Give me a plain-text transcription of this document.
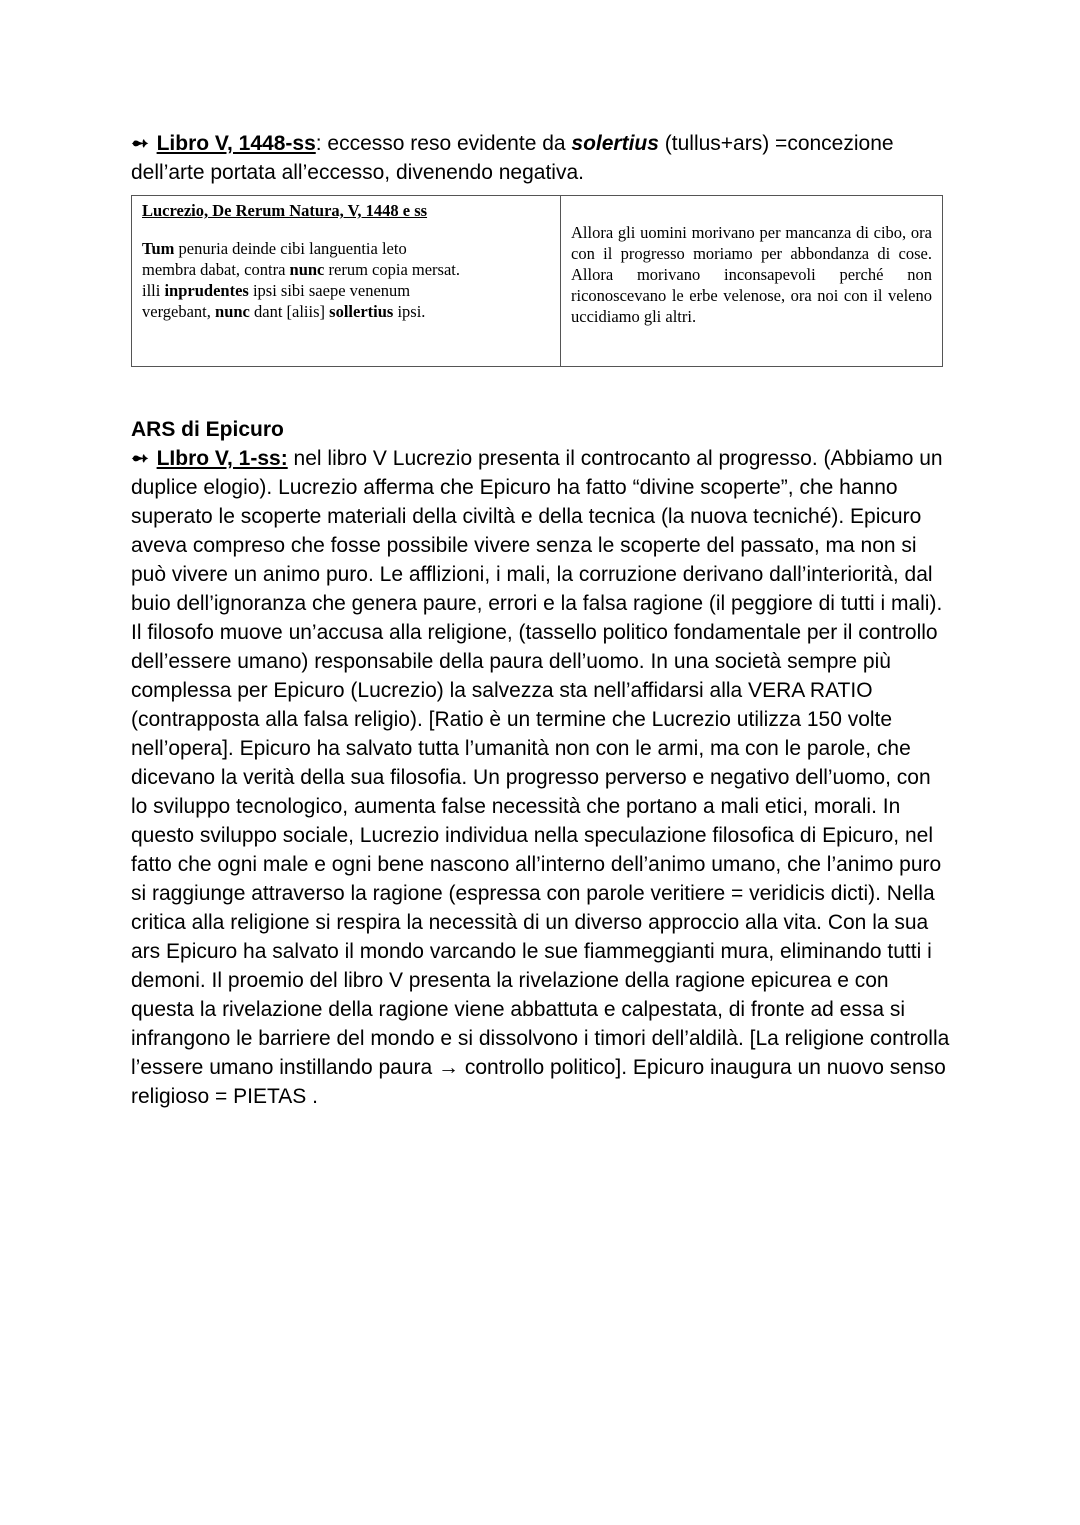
➻ Libro V, 1448-ss: eccesso reso evidente da solertius (tullus+ars) =concezione dell’arte portata all’eccesso, divenendo negativa.

Lucrezio, De Rerum Natura, V, 1448 e ss
Tum penuria deinde cibi languentia leto
membra dabat, contra nunc rerum copia mersat.
illi inprudentes ipsi sibi saepe venenum
vergebant, nunc dant [aliis] sollertius ipsi.

Allora gli uomini morivano per mancanza di cibo, ora con il progresso moriamo per abbondanza di cose. Allora morivano inconsapevoli perché non riconoscevano le erbe velenose, ora noi con il veleno uccidiamo gli altri.
ARS di Epicuro

➻ LIbro V, 1-ss: nel libro V Lucrezio presenta il controcanto al progresso. (Abbiamo un duplice elogio). Lucrezio afferma che Epicuro ha fatto “divine scoperte”, che hanno superato le scoperte materiali della civiltà e della tecnica (la nuova tecniché). Epicuro aveva compreso che fosse possibile vivere senza le scoperte del passato, ma non si può vivere un animo puro. Le afflizioni, i mali, la corruzione derivano dall’interiorità, dal buio dell’ignoranza che genera paure, errori e la falsa ragione (il peggiore di tutti i mali). Il filosofo muove un’accusa alla religione, (tassello politico fondamentale per il controllo dell’essere umano) responsabile della paura dell’uomo. In una società sempre più complessa per Epicuro (Lucrezio) la salvezza sta nell’affidarsi alla VERA RATIO (contrapposta alla falsa religio). [Ratio è un termine che Lucrezio utilizza 150 volte nell’opera]. Epicuro ha salvato tutta l’umanità non con le armi, ma con le parole, che dicevano la verità della sua filosofia. Un progresso perverso e negativo dell’uomo, con lo sviluppo tecnologico, aumenta false necessità che portano a mali etici, morali. In questo sviluppo sociale, Lucrezio individua nella speculazione filosofica di Epicuro, nel fatto che ogni male e ogni bene nascono all’interno dell’animo umano, che l’animo puro si raggiunge attraverso la ragione (espressa con parole veritiere = veridicis dicti). Nella critica alla religione si respira la necessità di un diverso approccio alla vita. Con la sua ars Epicuro ha salvato il mondo varcando le sue fiammeggianti mura, eliminando tutti i demoni. Il proemio del libro V presenta la rivelazione della ragione epicurea e con questa la rivelazione della ragione viene abbattuta e calpestata, di fronte ad essa si infrangono le barriere del mondo e si dissolvono i timori dell’aldilà. [La religione controlla l’essere umano instillando paura → controllo politico]. Epicuro inaugura un nuovo senso religioso = PIETAS .
